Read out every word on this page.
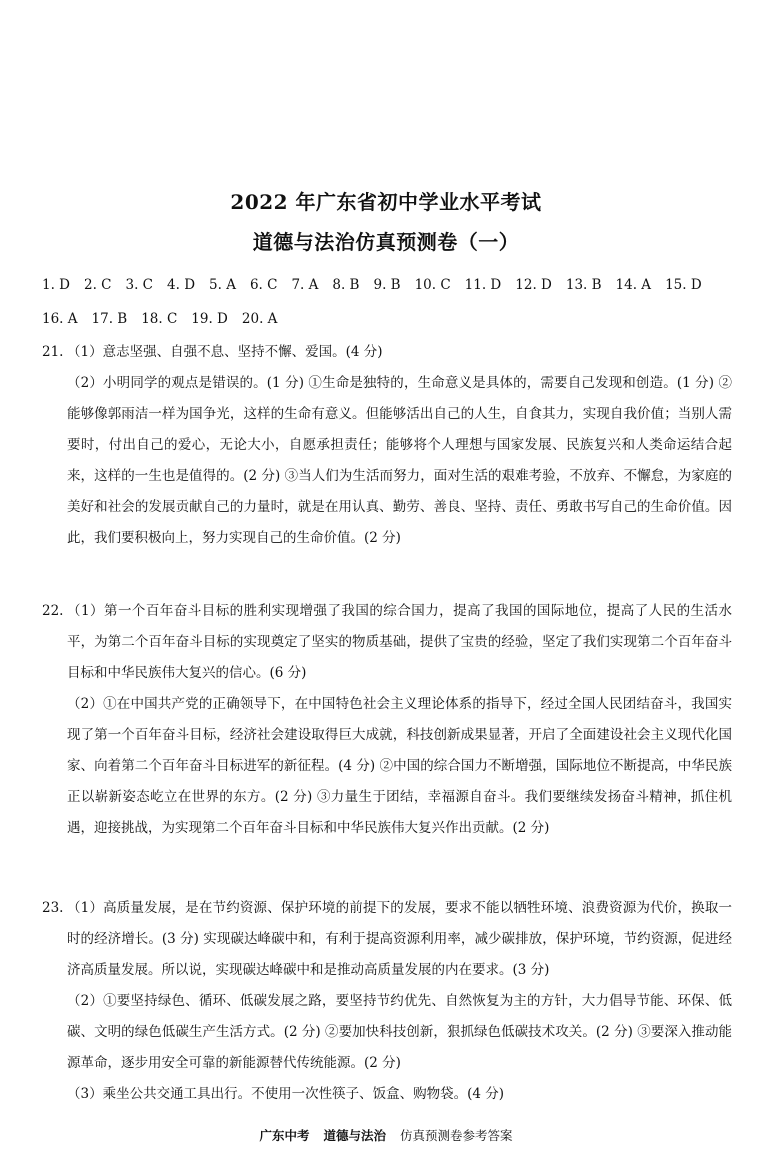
2022 年广东省初中学业水平考试
道德与法治仿真预测卷（一）
1. D 2. C 3. C 4. D 5. A 6. C 7. A 8. B 9. B 10. C 11. D 12. D 13. B 14. A 15. D
16. A 17. B 18. C 19. D 20. A
21. （1）意志坚强、自强不息、坚持不懈、爱国。(4 分)
（2）小明同学的观点是错误的。(1 分) ①生命是独特的，生命意义是具体的，需要自己发现和创造。(1 分) ②能够像郭雨洁一样为国争光，这样的生命有意义。但能够活出自己的人生，自食其力，实现自我价值；当别人需要时，付出自己的爱心，无论大小，自愿承担责任；能够将个人理想与国家发展、民族复兴和人类命运结合起来，这样的一生也是值得的。(2 分) ③当人们为生活而努力，面对生活的艰难考验，不放弃、不懈怠，为家庭的美好和社会的发展贡献自己的力量时，就是在用认真、勤劳、善良、坚持、责任、勇敢书写自己的生命价值。因此，我们要积极向上，努力实现自己的生命价值。(2 分)
22. （1）第一个百年奋斗目标的胜利实现增强了我国的综合国力，提高了我国的国际地位，提高了人民的生活水平，为第二个百年奋斗目标的实现奠定了坚实的物质基础，提供了宝贵的经验，坚定了我们实现第二个百年奋斗目标和中华民族伟大复兴的信心。(6 分)
（2）①在中国共产党的正确领导下，在中国特色社会主义理论体系的指导下，经过全国人民团结奋斗，我国实现了第一个百年奋斗目标，经济社会建设取得巨大成就，科技创新成果显著，开启了全面建设社会主义现代化国家、向着第二个百年奋斗目标进军的新征程。(4 分) ②中国的综合国力不断增强，国际地位不断提高，中华民族正以崭新姿态屹立在世界的东方。(2 分) ③力量生于团结，幸福源自奋斗。我们要继续发扬奋斗精神，抓住机遇，迎接挑战，为实现第二个百年奋斗目标和中华民族伟大复兴作出贡献。(2 分)
23. （1）高质量发展，是在节约资源、保护环境的前提下的发展，要求不能以牺牲环境、浪费资源为代价，换取一时的经济增长。(3 分) 实现碳达峰碳中和，有利于提高资源利用率，减少碳排放，保护环境，节约资源，促进经济高质量发展。所以说，实现碳达峰碳中和是推动高质量发展的内在要求。(3 分)
（2）①要坚持绿色、循环、低碳发展之路，要坚持节约优先、自然恢复为主的方针，大力倡导节能、环保、低碳、文明的绿色低碳生产生活方式。(2 分) ②要加快科技创新，狠抓绿色低碳技术攻关。(2 分) ③要深入推动能源革命，逐步用安全可靠的新能源替代传统能源。(2 分)
（3）乘坐公共交通工具出行。不使用一次性筷子、饭盒、购物袋。(4 分)
广东中考 道德与法治 仿真预测卷参考答案
